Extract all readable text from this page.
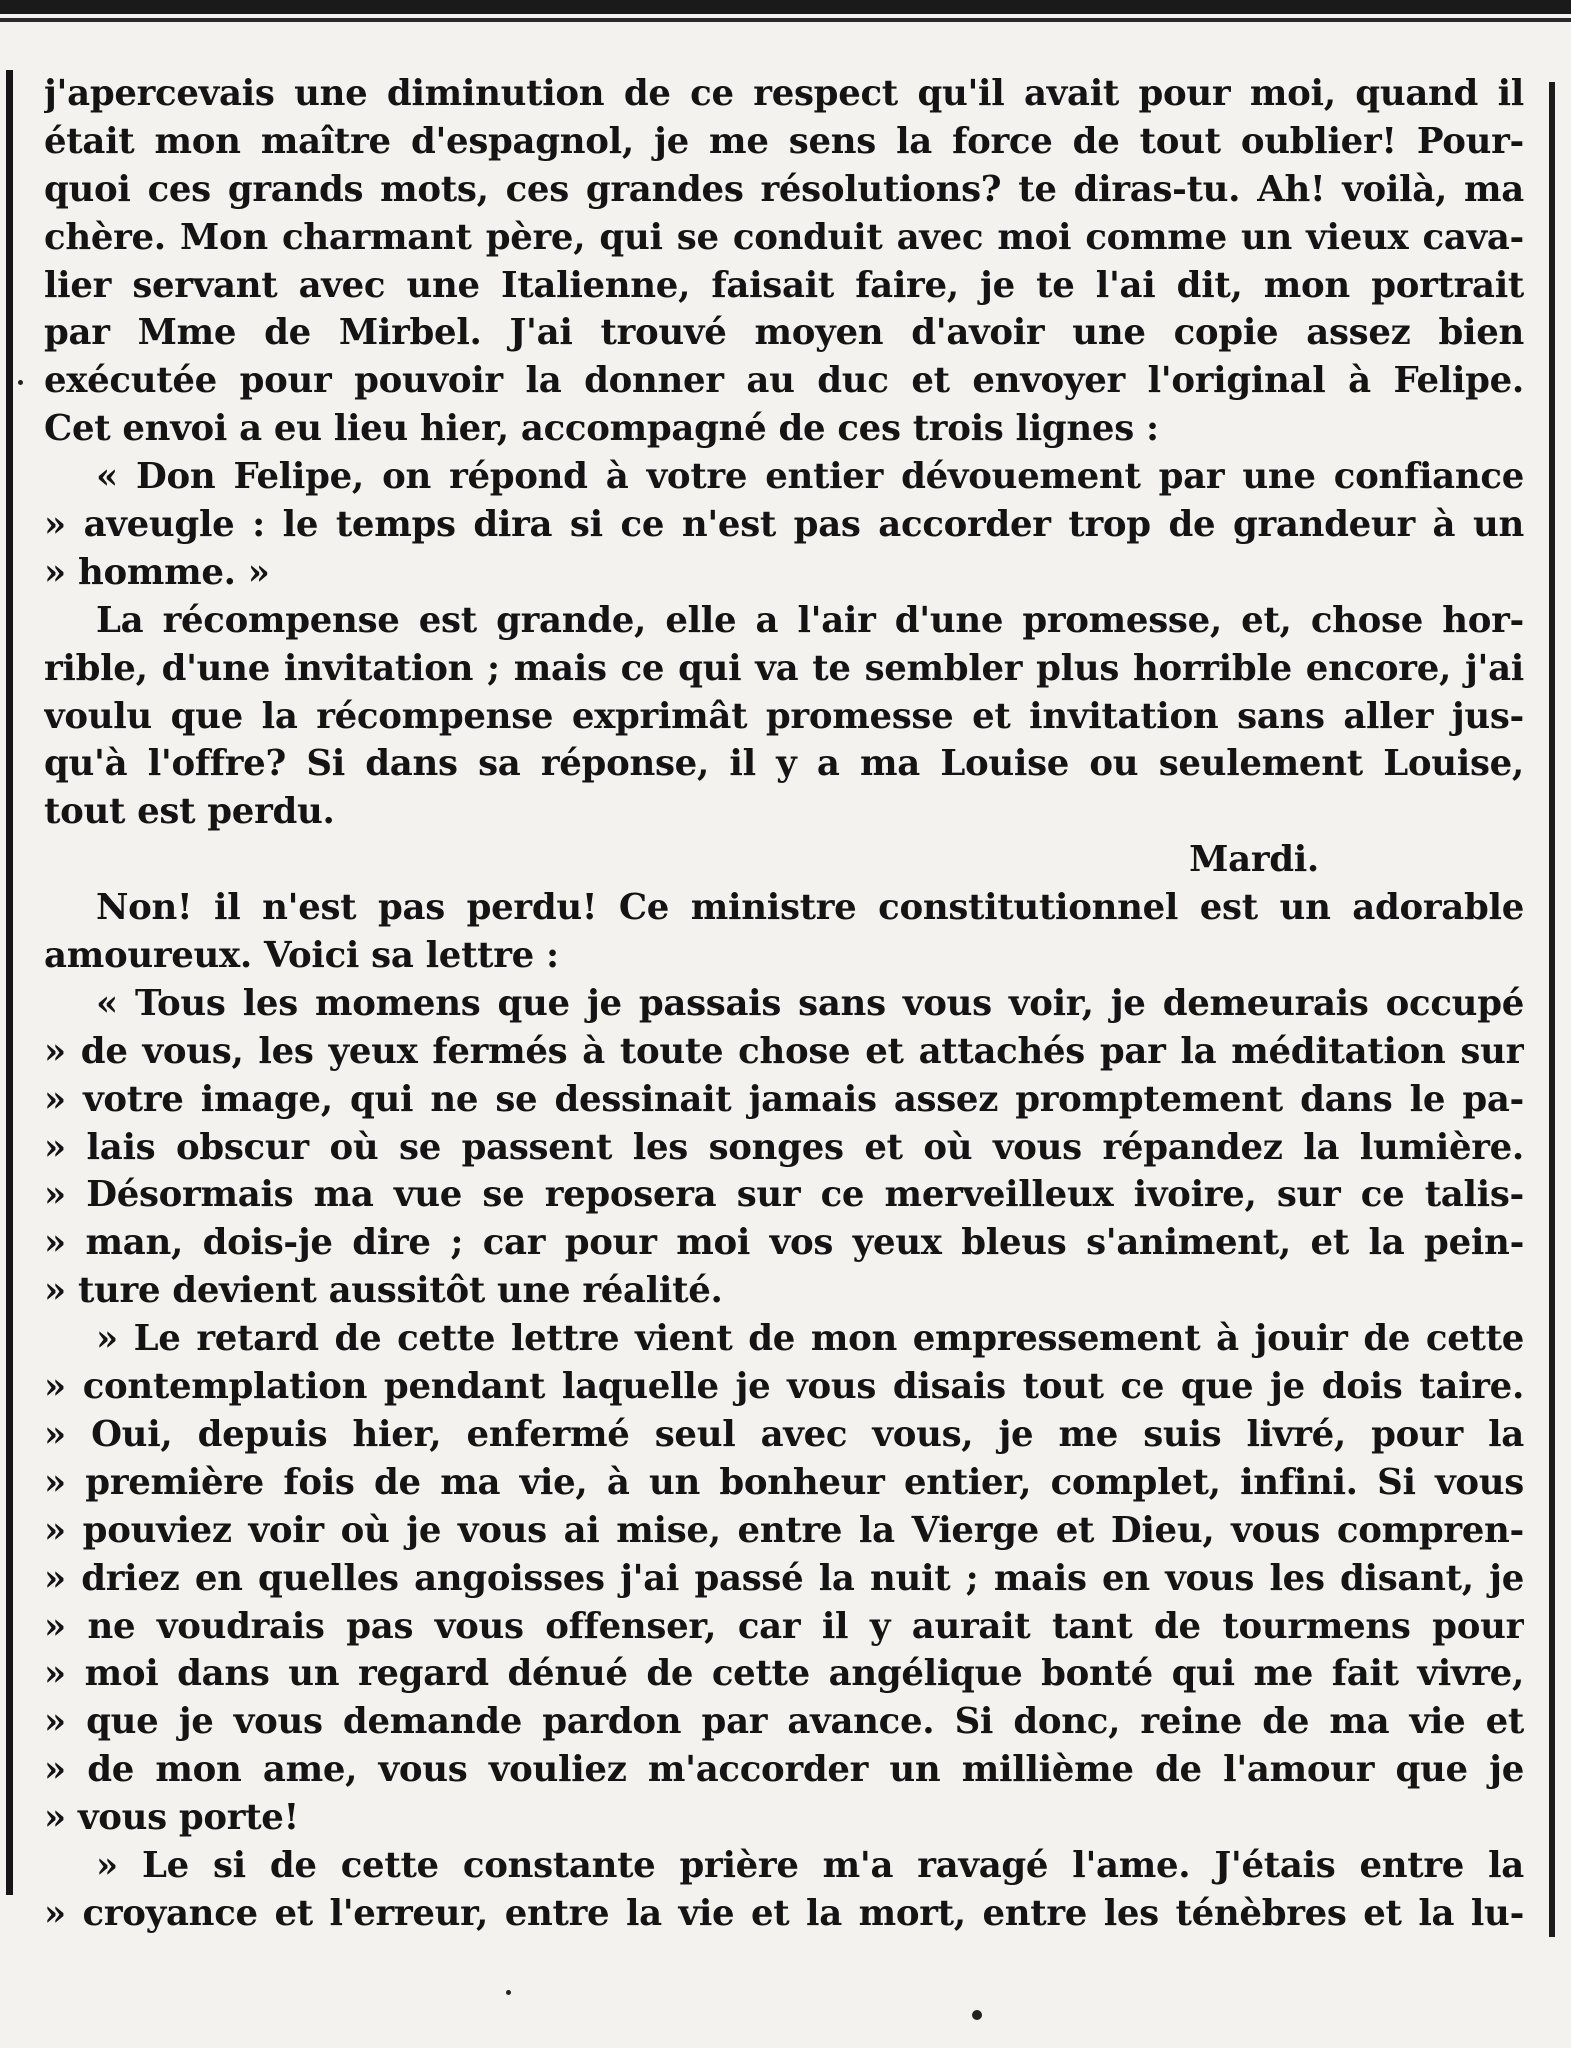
j'apercevais une diminution de ce respect qu'il avait pour moi, quand il
était mon maître d'espagnol, je me sens la force de tout oublier! Pour-
quoi ces grands mots, ces grandes résolutions? te diras-tu. Ah! voilà, ma
chère. Mon charmant père, qui se conduit avec moi comme un vieux cava-
lier servant avec une Italienne, faisait faire, je te l'ai dit, mon portrait
par Mme de Mirbel. J'ai trouvé moyen d'avoir une copie assez bien
exécutée pour pouvoir la donner au duc et envoyer l'original à Felipe.
Cet envoi a eu lieu hier, accompagné de ces trois lignes :
« Don Felipe, on répond à votre entier dévouement par une confiance
» aveugle : le temps dira si ce n'est pas accorder trop de grandeur à un
» homme. »
La récompense est grande, elle a l'air d'une promesse, et, chose hor-
rible, d'une invitation ; mais ce qui va te sembler plus horrible encore, j'ai
voulu que la récompense exprimât promesse et invitation sans aller jus-
qu'à l'offre? Si dans sa réponse, il y a ma Louise ou seulement Louise,
tout est perdu.
Mardi.
Non! il n'est pas perdu! Ce ministre constitutionnel est un adorable
amoureux. Voici sa lettre :
« Tous les momens que je passais sans vous voir, je demeurais occupé
» de vous, les yeux fermés à toute chose et attachés par la méditation sur
» votre image, qui ne se dessinait jamais assez promptement dans le pa-
» lais obscur où se passent les songes et où vous répandez la lumière.
» Désormais ma vue se reposera sur ce merveilleux ivoire, sur ce talis-
» man, dois-je dire ; car pour moi vos yeux bleus s'animent, et la pein-
» ture devient aussitôt une réalité.
» Le retard de cette lettre vient de mon empressement à jouir de cette
» contemplation pendant laquelle je vous disais tout ce que je dois taire.
» Oui, depuis hier, enfermé seul avec vous, je me suis livré, pour la
» première fois de ma vie, à un bonheur entier, complet, infini. Si vous
» pouviez voir où je vous ai mise, entre la Vierge et Dieu, vous compren-
» driez en quelles angoisses j'ai passé la nuit ; mais en vous les disant, je
» ne voudrais pas vous offenser, car il y aurait tant de tourmens pour
» moi dans un regard dénué de cette angélique bonté qui me fait vivre,
» que je vous demande pardon par avance. Si donc, reine de ma vie et
» de mon ame, vous vouliez m'accorder un millième de l'amour que je
» vous porte!
» Le si de cette constante prière m'a ravagé l'ame. J'étais entre la
» croyance et l'erreur, entre la vie et la mort, entre les ténèbres et la lu-
